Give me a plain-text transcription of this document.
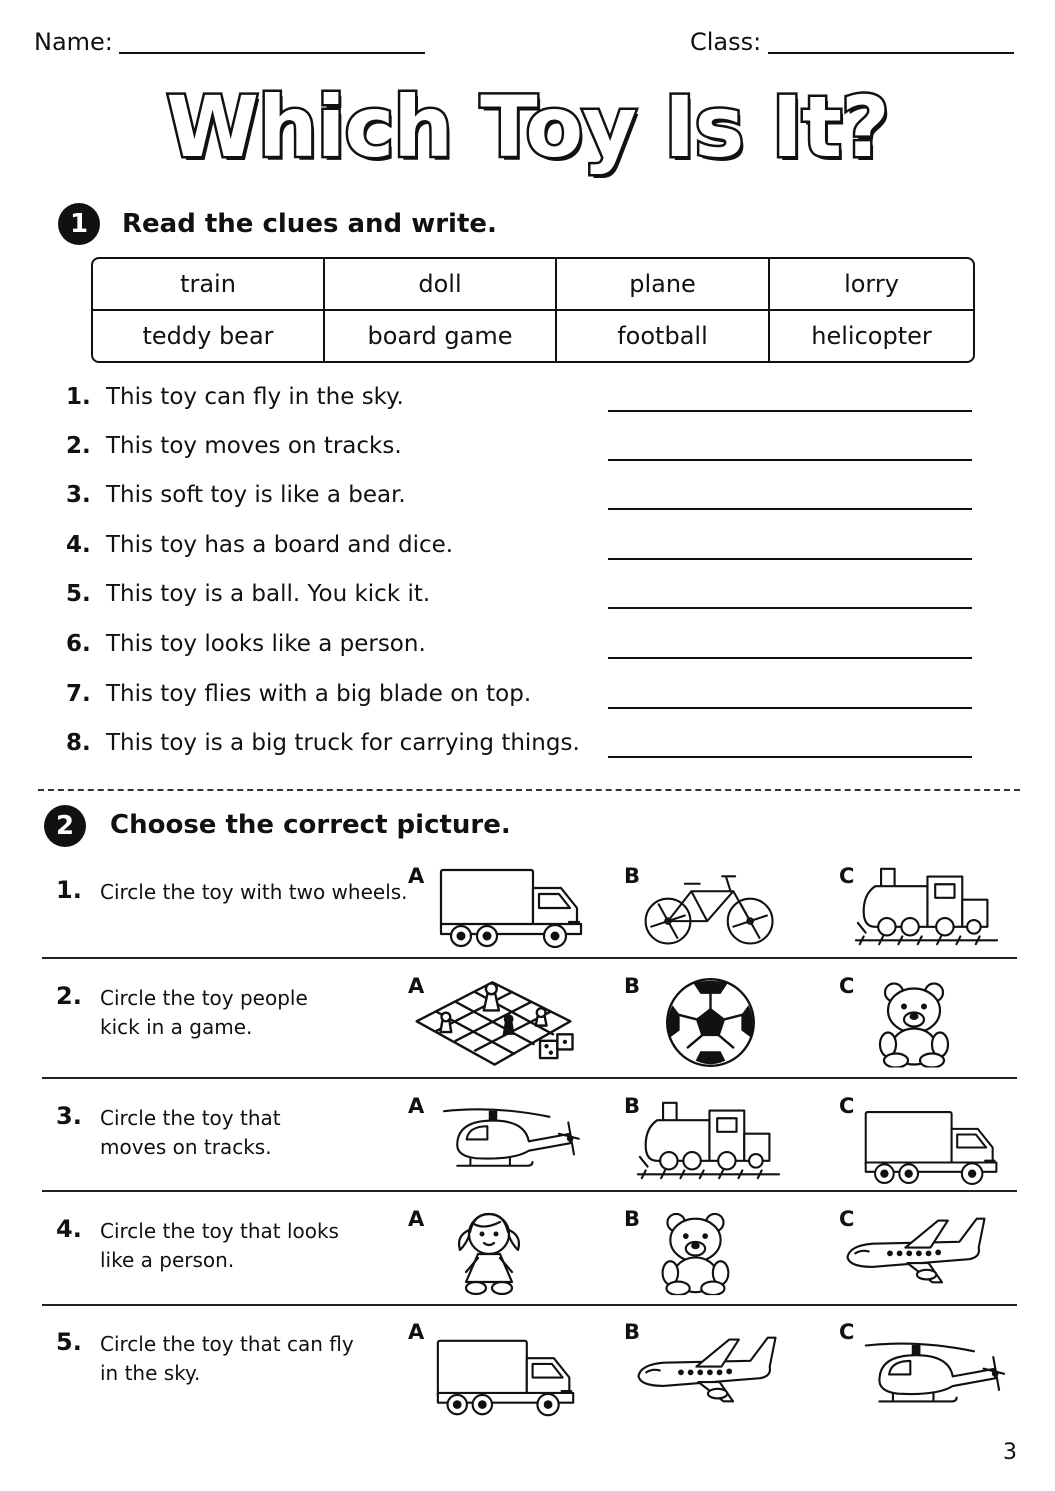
Name:	Class:
Which Toy Is It?
1	Read the clues and write.
train	doll	plane	lorry
teddy bear	board game	football	helicopter
1. This toy can fly in the sky.
2. This toy moves on tracks.
3. This soft toy is like a bear.
4. This toy has a board and dice.
5. This toy is a ball. You kick it.
6. This toy looks like a person.
7. This toy flies with a big blade on top.
8. This toy is a big truck for carrying things.
2	Choose the correct picture.
1. Circle the toy with two wheels.
A	B	C
2. Circle the toy people
kick in a game.
A	B	C
3. Circle the toy that
moves on tracks.
A	B	C
4. Circle the toy that looks
like a person.
A	B	C
5. Circle the toy that can fly
in the sky.
A	B	C
3
